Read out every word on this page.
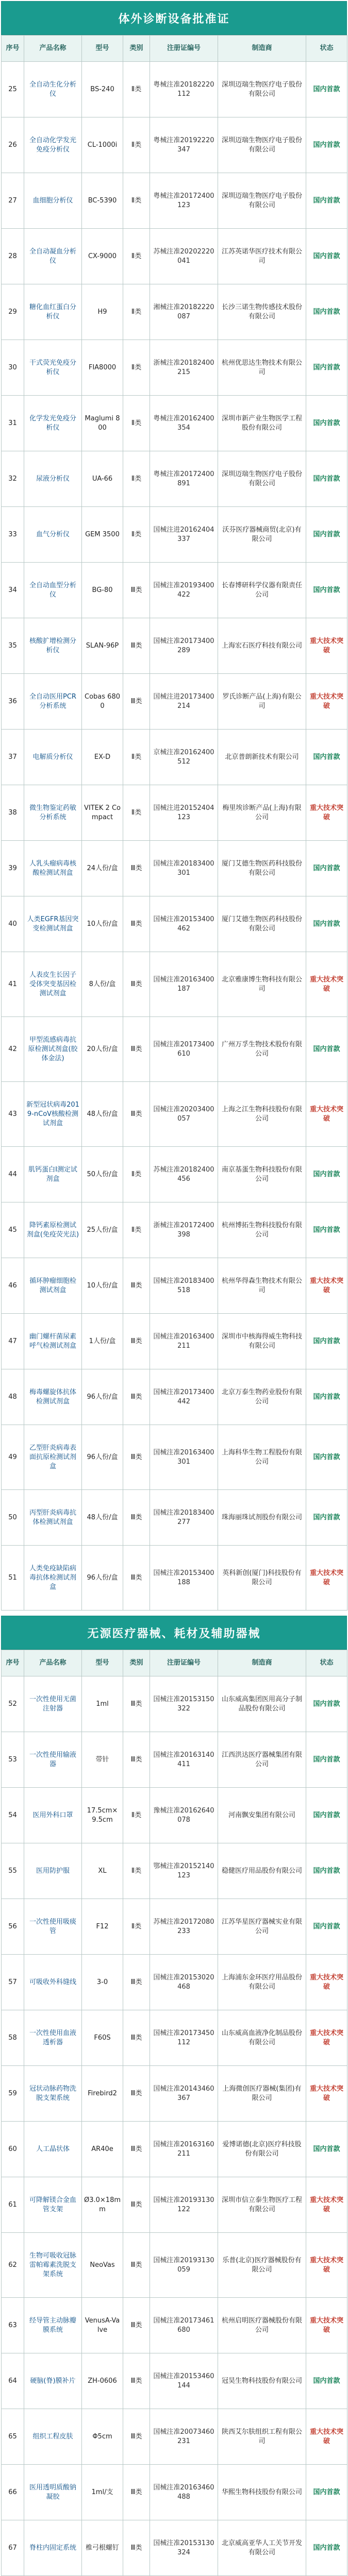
体外诊断设备批准证
序号	产品名称	型号	类别	注册证编号	制造商	状态
25	全自动生化分析仪	BS-240	Ⅱ类	粤械注准20182220112	深圳迈瑞生物医疗电子股份有限公司	国内首款
26	全自动化学发光免疫分析仪	CL-1000i	Ⅱ类	粤械注准20192220347	深圳迈瑞生物医疗电子股份有限公司	国内首款
27	血细胞分析仪	BC-5390	Ⅱ类	粤械注准20172400123	深圳迈瑞生物医疗电子股份有限公司	国内首款
28	全自动凝血分析仪	CX-9000	Ⅱ类	苏械注准20202220041	江苏英诺华医疗技术有限公司	国内首款
29	糖化血红蛋白分析仪	H9	Ⅱ类	湘械注准20182220087	长沙三诺生物传感技术股份有限公司	国内首款
30	干式荧光免疫分析仪	FIA8000	Ⅱ类	浙械注准20182400215	杭州优思达生物技术有限公司	国内首款
31	化学发光免疫分析仪	Maglumi 800	Ⅱ类	粤械注准20162400354	深圳市新产业生物医学工程股份有限公司	国内首款
32	尿液分析仪	UA-66	Ⅱ类	粤械注准20172400891	深圳迈瑞生物医疗电子股份有限公司	国内首款
33	血气分析仪	GEM 3500	Ⅱ类	国械注进20162404337	沃芬医疗器械商贸(北京)有限公司	国内首款
34	全自动血型分析仪	BG-80	Ⅲ类	国械注准20193400422	长春博研科学仪器有限责任公司	国内首款
35	核酸扩增检测分析仪	SLAN-96P	Ⅲ类	国械注准20173400289	上海宏石医疗科技有限公司	重大技术突破
36	全自动医用PCR分析系统	Cobas 6800	Ⅲ类	国械注进20173400214	罗氏诊断产品(上海)有限公司	重大技术突破
37	电解质分析仪	EX-D	Ⅱ类	京械注准20162400512	北京普朗新技术有限公司	国内首款
38	微生物鉴定药敏分析系统	VITEK 2 Compact	Ⅱ类	国械注进20152404123	梅里埃诊断产品(上海)有限公司	重大技术突破
39	人乳头瘤病毒核酸检测试剂盒	24人份/盒	Ⅲ类	国械注准20183400301	厦门艾德生物医药科技股份有限公司	国内首款
40	人类EGFR基因突变检测试剂盒	10人份/盒	Ⅲ类	国械注准20153400462	厦门艾德生物医药科技股份有限公司	国内首款
41	人表皮生长因子受体突变基因检测试剂盒	8人份/盒	Ⅲ类	国械注准20163400187	北京雅康博生物科技有限公司	重大技术突破
42	甲型流感病毒抗原检测试剂盒(胶体金法)	20人份/盒	Ⅲ类	国械注准20173400610	广州万孚生物技术股份有限公司	国内首款
43	新型冠状病毒2019-nCoV核酸检测试剂盒	48人份/盒	Ⅲ类	国械注准20203400057	上海之江生物科技股份有限公司	重大技术突破
44	肌钙蛋白I测定试剂盒	50人份/盒	Ⅱ类	苏械注准20182400456	南京基蛋生物科技股份有限公司	国内首款
45	降钙素原检测试剂盒(免疫荧光法)	25人份/盒	Ⅱ类	浙械注准20172400398	杭州博拓生物科技股份有限公司	国内首款
46	循环肿瘤细胞检测试剂盒	10人份/盒	Ⅲ类	国械注准20183400518	杭州华得森生物技术有限公司	重大技术突破
47	幽门螺杆菌尿素呼气检测试剂盒	1人份/盒	Ⅲ类	国械注准20163400211	深圳市中核海得威生物科技有限公司	国内首款
48	梅毒螺旋体抗体检测试剂盒	96人份/盒	Ⅲ类	国械注准20173400442	北京万泰生物药业股份有限公司	国内首款
49	乙型肝炎病毒表面抗原检测试剂盒	96人份/盒	Ⅲ类	国械注准20163400301	上海科华生物工程股份有限公司	国内首款
50	丙型肝炎病毒抗体检测试剂盒	48人份/盒	Ⅲ类	国械注准20183400277	珠海丽珠试剂股份有限公司	国内首款
51	人类免疫缺陷病毒抗体检测试剂盒	96人份/盒	Ⅲ类	国械注准20153400188	英科新创(厦门)科技股份有限公司	重大技术突破
无源医疗器械、耗材及辅助器械
序号	产品名称	型号	类别	注册证编号	制造商	状态
52	一次性使用无菌注射器	1ml	Ⅲ类	国械注准20153150322	山东威高集团医用高分子制品股份有限公司	国内首款
53	一次性使用输液器	带针	Ⅲ类	国械注准20163140411	江西洪达医疗器械集团有限公司	国内首款
54	医用外科口罩	17.5cm×9.5cm	Ⅱ类	豫械注准20162640078	河南飘安集团有限公司	国内首款
55	医用防护服	XL	Ⅱ类	鄂械注准20152140123	稳健医疗用品股份有限公司	国内首款
56	一次性使用吸痰管	F12	Ⅱ类	苏械注准20172080233	江苏华星医疗器械实业有限公司	国内首款
57	可吸收外科缝线	3-0	Ⅲ类	国械注准20153020468	上海浦东金环医疗用品股份有限公司	重大技术突破
58	一次性使用血液透析器	F60S	Ⅲ类	国械注准20173450112	山东威高血液净化制品股份有限公司	重大技术突破
59	冠状动脉药物洗脱支架系统	Firebird2	Ⅲ类	国械注准20143460367	上海微创医疗器械(集团)有限公司	重大技术突破
60	人工晶状体	AR40e	Ⅲ类	国械注准20163160211	爱博诺德(北京)医疗科技股份有限公司	国内首款
61	可降解镁合金血管支架	Ø3.0×18mm	Ⅲ类	国械注准20193130122	深圳市信立泰生物医疗工程有限公司	重大技术突破
62	生物可吸收冠脉雷帕霉素洗脱支架系统	NeoVas	Ⅲ类	国械注准20193130059	乐普(北京)医疗器械股份有限公司	重大技术突破
63	经导管主动脉瓣膜系统	VenusA-Valve	Ⅲ类	国械注准20173461680	杭州启明医疗器械股份有限公司	重大技术突破
64	硬脑(脊)膜补片	ZH-0606	Ⅲ类	国械注准20153460144	冠昊生物科技股份有限公司	国内首款
65	组织工程皮肤	Φ5cm	Ⅲ类	国械注准20073460231	陕西艾尔肤组织工程有限公司	重大技术突破
66	医用透明质酸钠凝胶	1ml/支	Ⅲ类	国械注准20163460488	华熙生物科技股份有限公司	国内首款
67	脊柱内固定系统	椎弓根螺钉	Ⅲ类	国械注准20153130324	北京威高亚华人工关节开发有限公司	国内首款
